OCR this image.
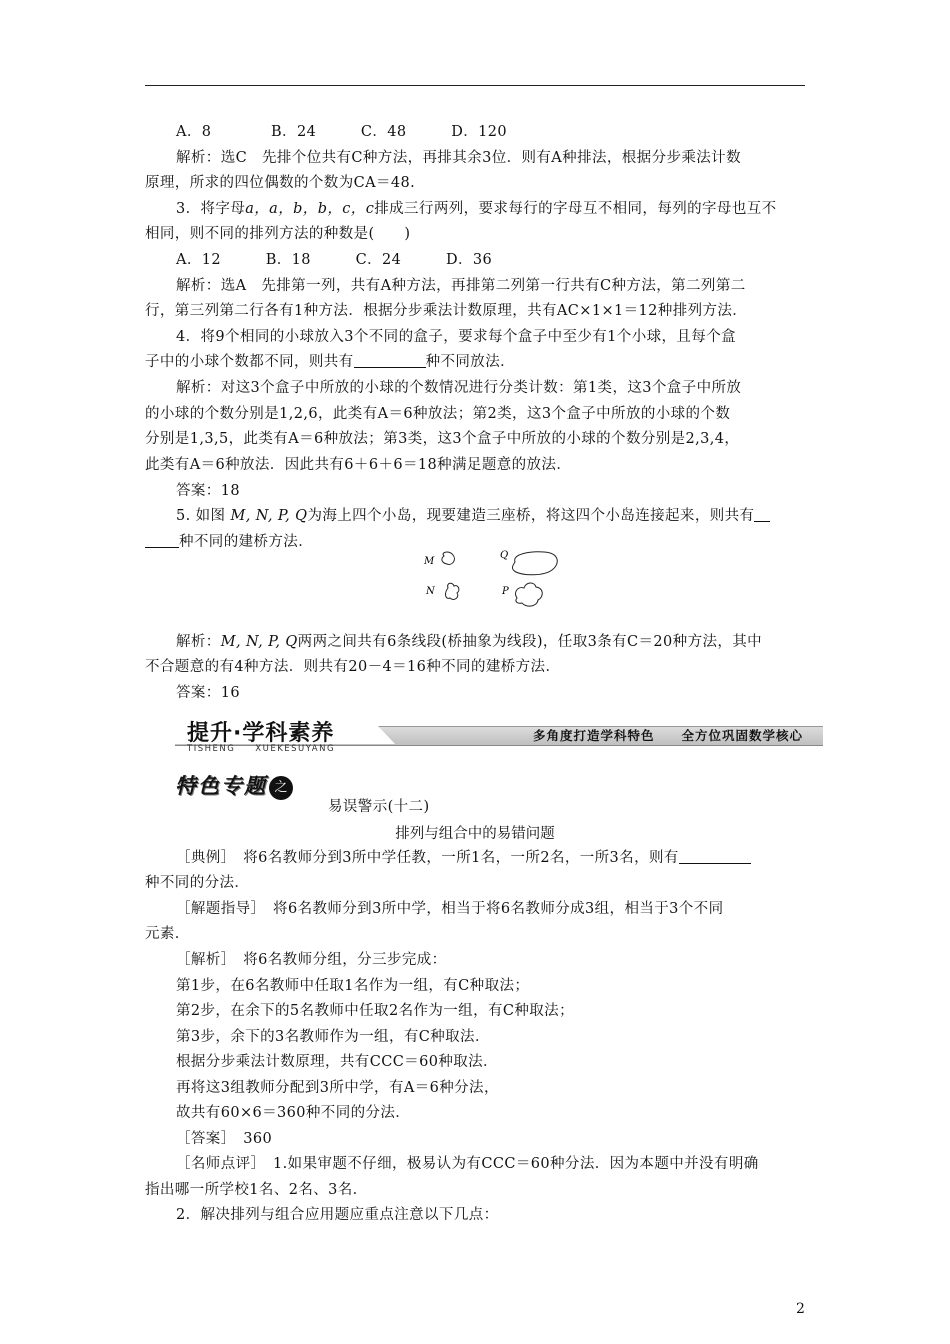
A．8　　　　B．24　　　C．48　　　D．120
解析：选C　先排个位共有C种方法，再排其余3位．则有A种排法，根据分步乘法计数
原理，所求的四位偶数的个数为CA＝48.
3．将字母a，a，b，b，c，c排成三行两列，要求每行的字母互不相同，每列的字母也互不
相同，则不同的排列方法的种数是(　　)
A．12　　　B．18　　　C．24　　　D．36
解析：选A　先排第一列，共有A种方法，再排第二列第一行共有C种方法，第二列第二
行，第三列第二行各有1种方法．根据分步乘法计数原理，共有AC×1×1＝12种排列方法．
4．将9个相同的小球放入3个不同的盒子，要求每个盒子中至少有1个小球，且每个盒
子中的小球个数都不同，则共有	种不同放法．
解析：对这3个盒子中所放的小球的个数情况进行分类计数：第1类，这3个盒子中所放
的小球的个数分别是1,2,6，此类有A＝6种放法；第2类，这3个盒子中所放的小球的个数
分别是1,3,5，此类有A＝6种放法；第3类，这3个盒子中所放的小球的个数分别是2,3,4，
此类有A＝6种放法．因此共有6＋6＋6＝18种满足题意的放法．
答案：18
5. 如图 M, N, P, Q为海上四个小岛，现要建造三座桥，将这四个小岛连接起来，则共有
种不同的建桥方法．
M
Q
N	P
解析：M, N, P, Q两两之间共有6条线段(桥抽象为线段)，任取3条有C＝20种方法，其中
不合题意的有4种方法．则共有20－4＝16种不同的建桥方法．
答案：16
提升·学科素养
TISHENG　　XUEKESUYANG
多角度打造学科特色　　全方位巩固数学核心
特色专题 之
易误警示(十二)
排列与组合中的易错问题
［典例］　将6名教师分到3所中学任教，一所1名，一所2名，一所3名，则有
种不同的分法．
［解题指导］　将6名教师分到3所中学，相当于将6名教师分成3组，相当于3个不同
元素．
［解析］　将6名教师分组，分三步完成：
第1步，在6名教师中任取1名作为一组，有C种取法；
第2步，在余下的5名教师中任取2名作为一组，有C种取法；
第3步，余下的3名教师作为一组，有C种取法．
根据分步乘法计数原理，共有CCC＝60种取法．
再将这3组教师分配到3所中学，有A＝6种分法，
故共有60×6＝360种不同的分法．
［答案］　360
［名师点评］　1.如果审题不仔细，极易认为有CCC＝60种分法．因为本题中并没有明确
指出哪一所学校1名、2名、3名．
2．解决排列与组合应用题应重点注意以下几点：
2
